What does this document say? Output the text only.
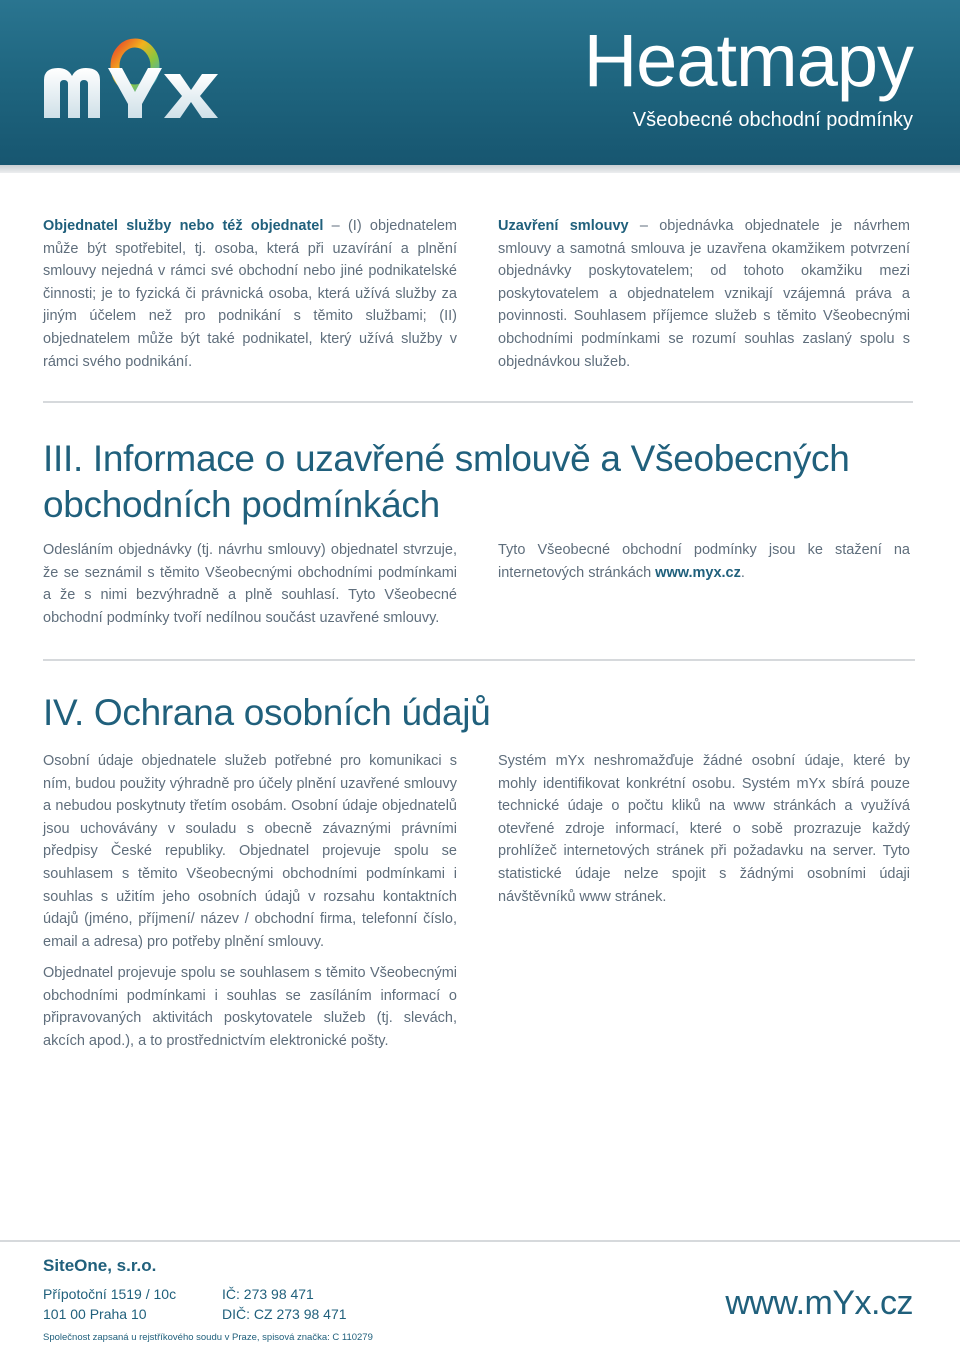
Heatmapy
Všeobecné obchodní podmínky
Objednatel služby nebo též objednatel – (I) objednatelem může být spotřebitel, tj. osoba, která při uzavírání a plnění smlouvy nejedná v rámci své obchodní nebo jiné podnikatelské činnosti; je to fyzická či právnická osoba, která užívá služby za jiným účelem než pro podnikání s těmito službami; (II) objednatelem může být také podnikatel, který užívá služby v rámci svého podnikání.
Uzavření smlouvy – objednávka objednatele je návrhem smlouvy a samotná smlouva je uzavřena okamžikem potvrzení objednávky poskytovatelem; od tohoto okamžiku mezi poskytovatelem a objednatelem vznikají vzájemná práva a povinnosti. Souhlasem příjemce služeb s těmito Všeobecnými obchodními podmínkami se rozumí souhlas zaslaný spolu s objednávkou služeb.
III. Informace o uzavřené smlouvě a Všeobecných
obchodních podmínkách
Odesláním objednávky (tj. návrhu smlouvy) objednatel stvrzuje, že se seznámil s těmito Všeobecnými obchodními podmínkami a že s nimi bezvýhradně a plně souhlasí. Tyto Všeobecné obchodní podmínky tvoří nedílnou součást uzavřené smlouvy.
Tyto Všeobecné obchodní podmínky jsou ke stažení na internetových stránkách www.myx.cz.
IV. Ochrana osobních údajů
Osobní údaje objednatele služeb potřebné pro komunikaci s ním, budou použity výhradně pro účely plnění uzavřené smlouvy a nebudou poskytnuty třetím osobám. Osobní údaje objednatelů jsou uchovávány v souladu s obecně závaznými právními předpisy České republiky. Objednatel projevuje spolu se souhlasem s těmito Všeobecnými obchodními podmínkami i souhlas s užitím jeho osobních údajů v rozsahu kontaktních údajů (jméno, příjmení/ název / obchodní firma, telefonní číslo, email a adresa) pro potřeby plnění smlouvy.
Objednatel projevuje spolu se souhlasem s těmito Všeobecnými obchodními podmínkami i souhlas se zasíláním informací o připravovaných aktivitách poskytovatele služeb (tj. slevách, akcích apod.), a to prostřednictvím elektronické pošty.
Systém mYx neshromažďuje žádné osobní údaje, které by mohly identifikovat konkrétní osobu. Systém mYx sbírá pouze technické údaje o počtu kliků na www stránkách a využívá otevřené zdroje informací, které o sobě prozrazuje každý prohlížeč internetových stránek při požadavku na server. Tyto statistické údaje nelze spojit s žádnými osobními údaji návštěvníků www stránek.
SiteOne, s.r.o.
Přípotoční 1519 / 10c
101 00 Praha 10
IČ: 273 98 471
DIČ: CZ 273 98 471
Společnost zapsaná u rejstříkového soudu v Praze, spisová značka: C 110279
www.mYx.cz
